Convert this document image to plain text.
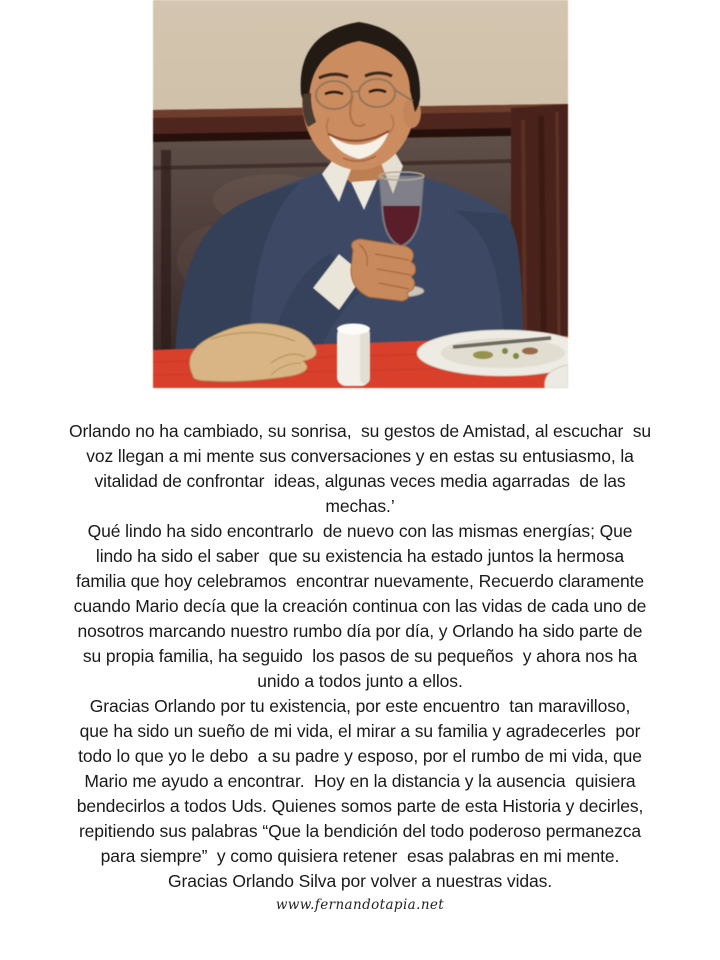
Orlando no ha cambiado, su sonrisa,  su gestos de Amistad, al escuchar  su
voz llegan a mi mente sus conversaciones y en estas su entusiasmo, la
vitalidad de confrontar  ideas, algunas veces media agarradas  de las
mechas.’
Qué lindo ha sido encontrarlo  de nuevo con las mismas energías; Que
lindo ha sido el saber  que su existencia ha estado juntos la hermosa
familia que hoy celebramos  encontrar nuevamente, Recuerdo claramente
cuando Mario decía que la creación continua con las vidas de cada uno de
nosotros marcando nuestro rumbo día por día, y Orlando ha sido parte de
su propia familia, ha seguido  los pasos de su pequeños  y ahora nos ha
unido a todos junto a ellos.
Gracias Orlando por tu existencia, por este encuentro  tan maravilloso,
que ha sido un sueño de mi vida, el mirar a su familia y agradecerles  por
todo lo que yo le debo  a su padre y esposo, por el rumbo de mi vida, que
Mario me ayudo a encontrar.  Hoy en la distancia y la ausencia  quisiera
bendecirlos a todos Uds. Quienes somos parte de esta Historia y decirles,
repitiendo sus palabras “Que la bendición del todo poderoso permanezca
para siempre”  y como quisiera retener  esas palabras en mi mente.
Gracias Orlando Silva por volver a nuestras vidas.
www.fernandotapia.net
